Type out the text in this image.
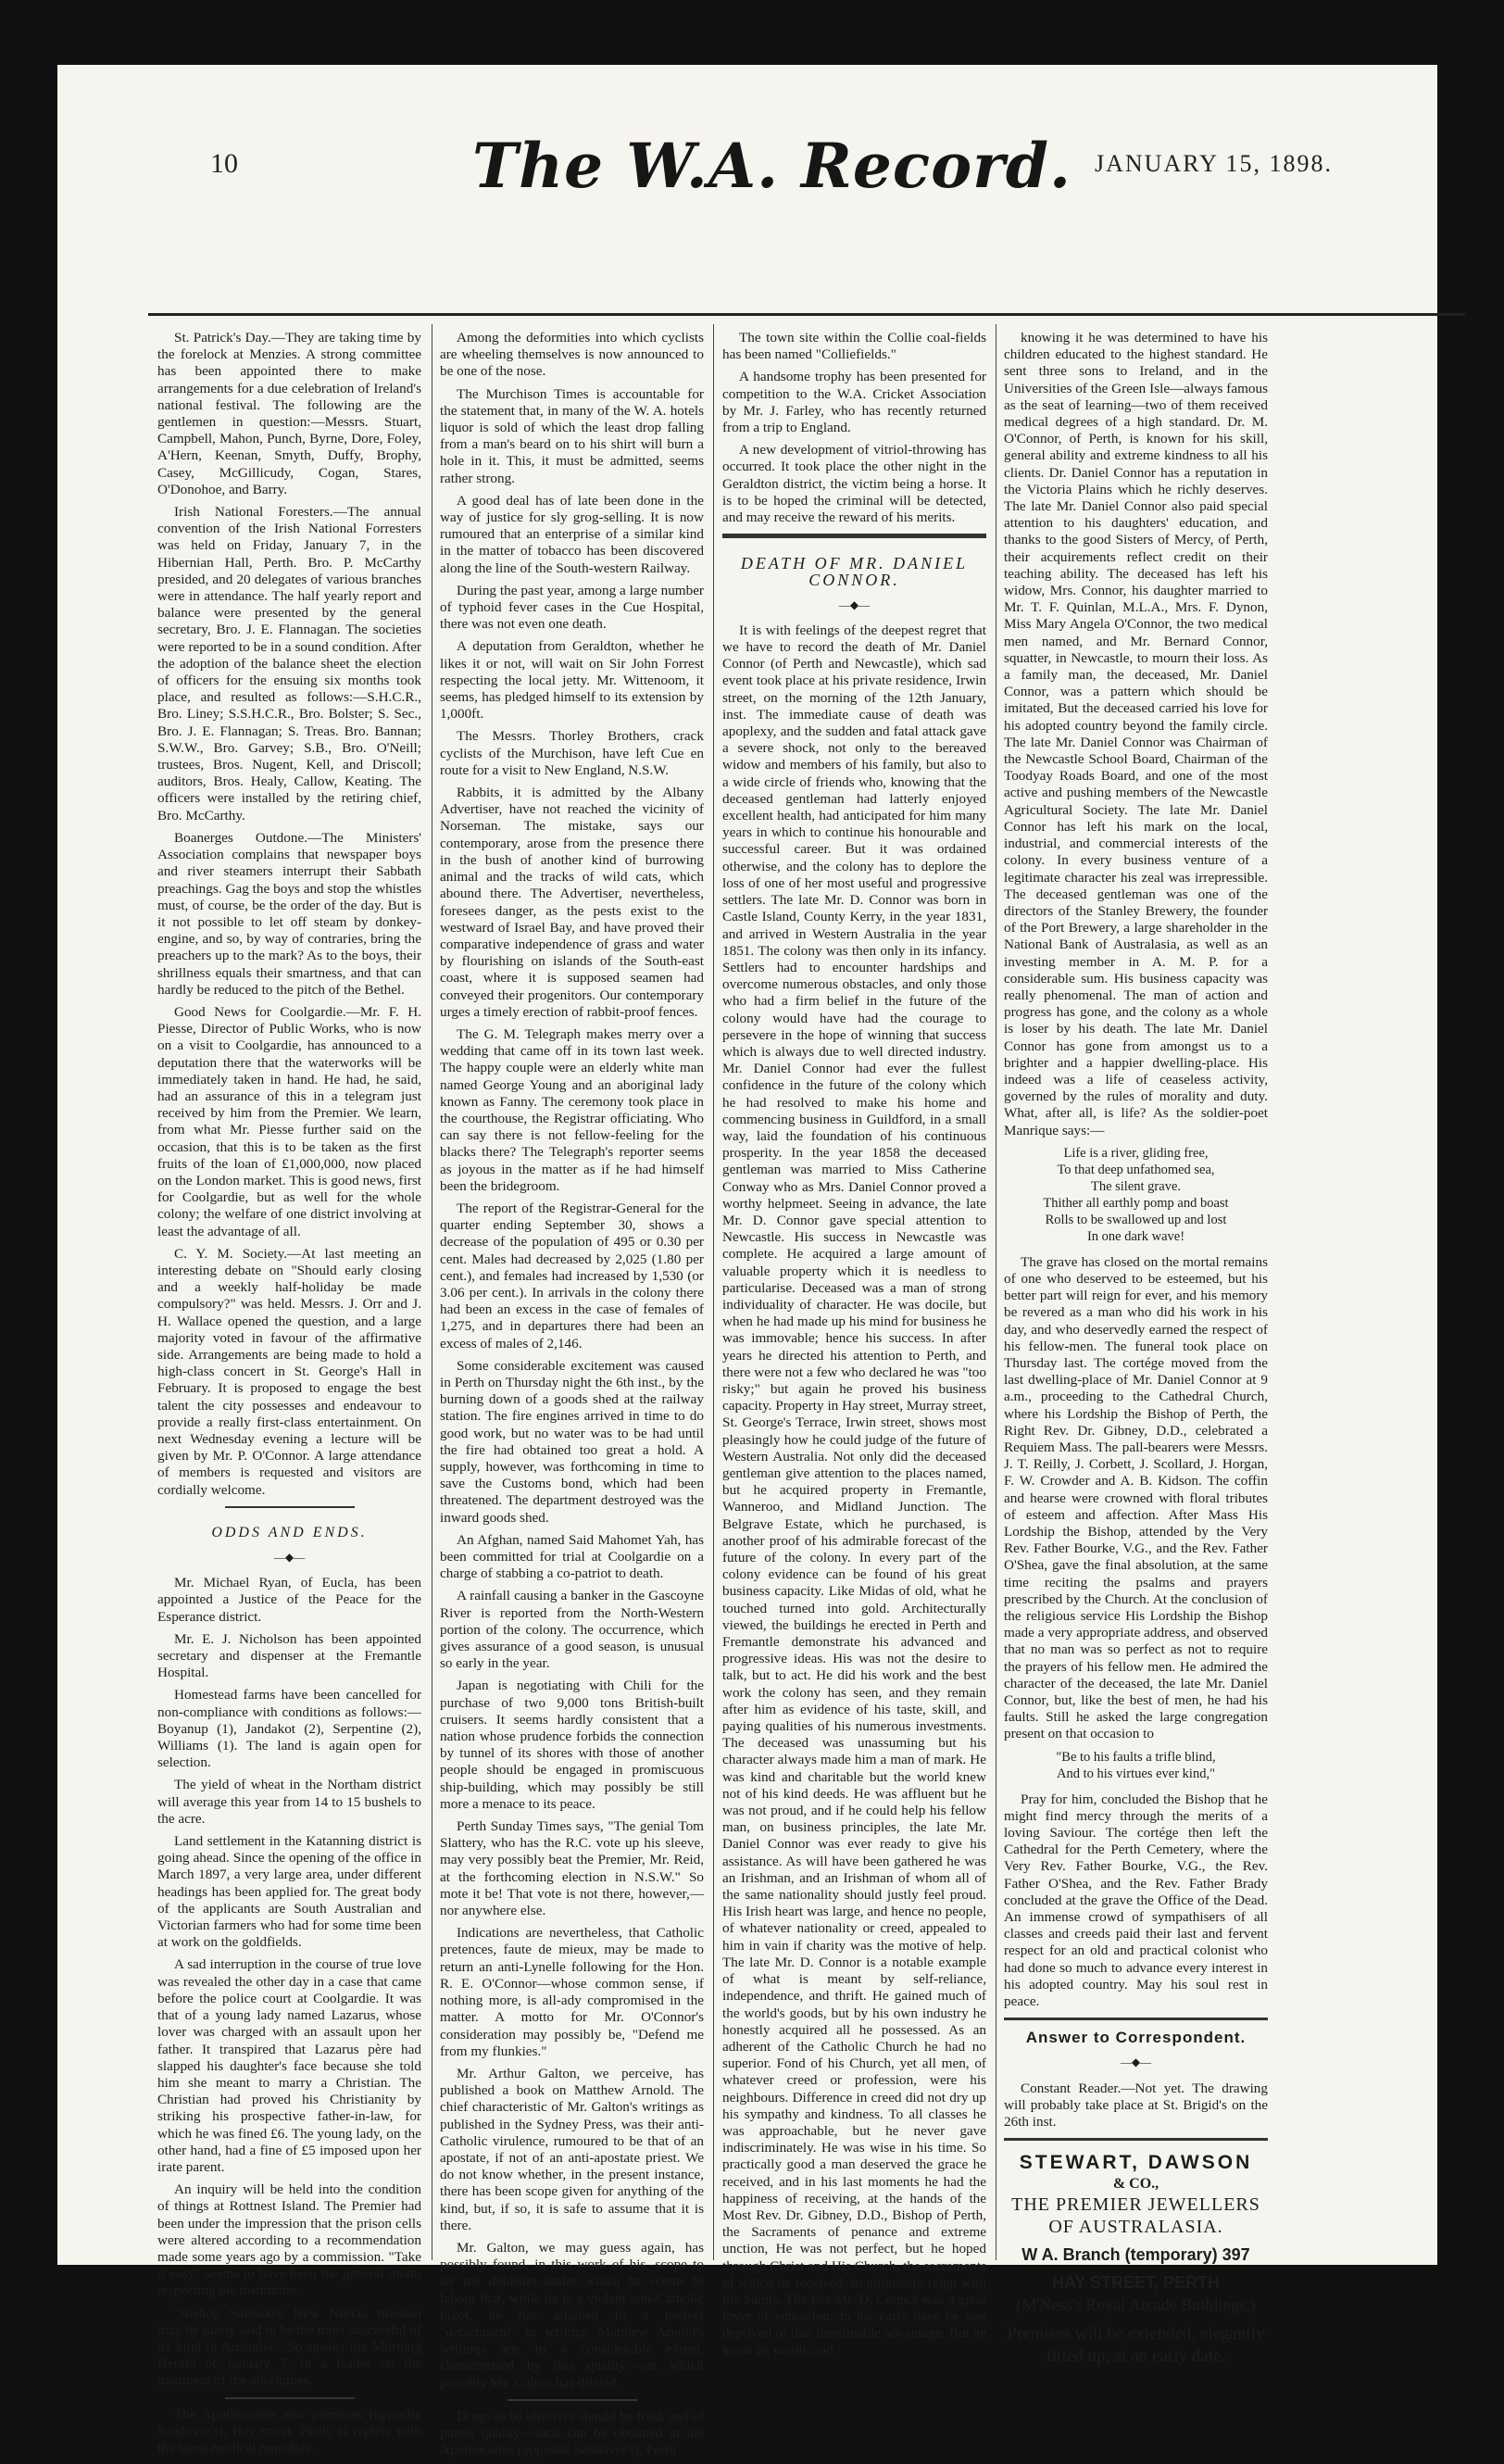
10	The W.A. Record. JANUARY 15, 1898.

St. Patrick's Day.—They are taking time by the forelock at Menzies. A strong committee has been appointed there to make arrangements for a due celebration of Ireland's national festival. The following are the gentlemen in question:—Messrs. Stuart, Campbell, Mahon, Punch, Byrne, Dore, Foley, A'Hern, Keenan, Smyth, Duffy, Brophy, Casey, McGillicudy, Cogan, Stares, O'Donohoe, and Barry.

Irish National Foresters.—The annual convention of the Irish National Forresters was held on Friday, January 7, in the Hibernian Hall, Perth. Bro. P. McCarthy presided, and 20 delegates of various branches were in attendance. The half yearly report and balance were presented by the general secretary, Bro. J. E. Flannagan. The societies were reported to be in a sound condition. After the adoption of the balance sheet the election of officers for the ensuing six months took place, and resulted as follows:—S.H.C.R., Bro. Liney; S.S.H.C.R., Bro. Bolster; S. Sec., Bro. J. E. Flannagan; S. Treas. Bro. Bannan; S.W.W., Bro. Garvey; S.B., Bro. O'Neill; trustees, Bros. Nugent, Kell, and Driscoll; auditors, Bros. Healy, Callow, Keating. The officers were installed by the retiring chief, Bro. McCarthy.

Boanerges Outdone.—The Ministers' Association complains that newspaper boys and river steamers interrupt their Sabbath preachings. Gag the boys and stop the whistles must, of course, be the order of the day. But is it not possible to let off steam by donkey-engine, and so, by way of contraries, bring the preachers up to the mark? As to the boys, their shrillness equals their smartness, and that can hardly be reduced to the pitch of the Bethel.

Good News for Coolgardie.—Mr. F. H. Piesse, Director of Public Works, who is now on a visit to Coolgardie, has announced to a deputation there that the waterworks will be immediately taken in hand. He had, he said, had an assurance of this in a telegram just received by him from the Premier. We learn, from what Mr. Piesse further said on the occasion, that this is to be taken as the first fruits of the loan of £1,000,000, now placed on the London market. This is good news, first for Coolgardie, but as well for the whole colony; the welfare of one district involving at least the advantage of all.

C. Y. M. Society.—At last meeting an interesting debate on "Should early closing and a weekly half-holiday be made compulsory?" was held. Messrs. J. Orr and J. H. Wallace opened the question, and a large majority voted in favour of the affirmative side. Arrangements are being made to hold a high-class concert in St. George's Hall in February. It is proposed to engage the best talent the city possesses and endeavour to provide a really first-class entertainment. On next Wednesday evening a lecture will be given by Mr. P. O'Connor. A large attendance of members is requested and visitors are cordially welcome.

ODDS AND ENDS.
—◆—

Mr. Michael Ryan, of Eucla, has been appointed a Justice of the Peace for the Esperance district.

Mr. E. J. Nicholson has been appointed secretary and dispenser at the Fremantle Hospital.

Homestead farms have been cancelled for non-compliance with conditions as follows:—Boyanup (1), Jandakot (2), Serpentine (2), Williams (1). The land is again open for selection.

The yield of wheat in the Northam district will average this year from 14 to 15 bushels to the acre.

Land settlement in the Katanning district is going ahead. Since the opening of the office in March 1897, a very large area, under different headings has been applied for. The great body of the applicants are South Australian and Victorian farmers who had for some time been at work on the goldfields.

A sad interruption in the course of true love was revealed the other day in a case that came before the police court at Coolgardie. It was that of a young lady named Lazarus, whose lover was charged with an assault upon her father. It transpired that Lazarus père had slapped his daughter's face because she told him she meant to marry a Christian. The Christian had proved his Christianity by striking his prospective father-in-law, for which he was fined £6. The young lady, on the other hand, had a fine of £5 imposed upon her irate parent.

An inquiry will be held into the condition of things at Rottnest Island. The Premier had been under the impression that the prison cells were altered according to a recommendation made some years ago by a commission. "Take it easy" seems to have been the general motto respecting the institution.

"Bishop Salvado's New Norcia mission may be safely said to be the most successful of its kind in Australia." So speaks the Morning Herald of January 7, in a leader on the treatment of the aborigines.

The Apothecaries new premises (opposite Sandover's), Hay street, Perth, is replete with the latest medical remedies.

Among the deformities into which cyclists are wheeling themselves is now announced to be one of the nose.

The Murchison Times is accountable for the statement that, in many of the W. A. hotels liquor is sold of which the least drop falling from a man's beard on to his shirt will burn a hole in it. This, it must be admitted, seems rather strong.

A good deal has of late been done in the way of justice for sly grog-selling. It is now rumoured that an enterprise of a similar kind in the matter of tobacco has been discovered along the line of the South-western Railway.

During the past year, among a large number of typhoid fever cases in the Cue Hospital, there was not even one death.

A deputation from Geraldton, whether he likes it or not, will wait on Sir John Forrest respecting the local jetty. Mr. Wittenoom, it seems, has pledged himself to its extension by 1,000ft.

The Messrs. Thorley Brothers, crack cyclists of the Murchison, have left Cue en route for a visit to New England, N.S.W.

Rabbits, it is admitted by the Albany Advertiser, have not reached the vicinity of Norseman. The mistake, says our contemporary, arose from the presence there in the bush of another kind of burrowing animal and the tracks of wild cats, which abound there. The Advertiser, nevertheless, foresees danger, as the pests exist to the westward of Israel Bay, and have proved their comparative independence of grass and water by flourishing on islands of the South-east coast, where it is supposed seamen had conveyed their progenitors. Our contemporary urges a timely erection of rabbit-proof fences.

The G. M. Telegraph makes merry over a wedding that came off in its town last week. The happy couple were an elderly white man named George Young and an aboriginal lady known as Fanny. The ceremony took place in the courthouse, the Registrar officiating. Who can say there is not fellow-feeling for the blacks there? The Telegraph's reporter seems as joyous in the matter as if he had himself been the bridegroom.

The report of the Registrar-General for the quarter ending September 30, shows a decrease of the population of 495 or 0.30 per cent. Males had decreased by 2,025 (1.80 per cent.), and females had increased by 1,530 (or 3.06 per cent.). In arrivals in the colony there had been an excess in the case of females of 1,275, and in departures there had been an excess of males of 2,146.

Some considerable excitement was caused in Perth on Thursday night the 6th inst., by the burning down of a goods shed at the railway station. The fire engines arrived in time to do good work, but no water was to be had until the fire had obtained too great a hold. A supply, however, was forthcoming in time to save the Customs bond, which had been threatened. The department destroyed was the inward goods shed.

An Afghan, named Said Mahomet Yah, has been committed for trial at Coolgardie on a charge of stabbing a co-patriot to death.

A rainfall causing a banker in the Gascoyne River is reported from the North-Western portion of the colony. The occurrence, which gives assurance of a good season, is unusual so early in the year.

Japan is negotiating with Chili for the purchase of two 9,000 tons British-built cruisers. It seems hardly consistent that a nation whose prudence forbids the connection by tunnel of its shores with those of another people should be engaged in promiscuous ship-building, which may possibly be still more a menace to its peace.

Perth Sunday Times says, "The genial Tom Slattery, who has the R.C. vote up his sleeve, may very possibly beat the Premier, Mr. Reid, at the forthcoming election in N.S.W." So mote it be! That vote is not there, however,—nor anywhere else.

Indications are nevertheless, that Catholic pretences, faute de mieux, may be made to return an anti-Lynelle following for the Hon. R. E. O'Connor—whose common sense, if nothing more, is all-ady compromised in the matter. A motto for Mr. O'Connor's consideration may possibly be, "Defend me from my flunkies."

Mr. Arthur Galton, we perceive, has published a book on Matthew Arnold. The chief characteristic of Mr. Galton's writings as published in the Sydney Press, was their anti-Catholic virulence, rumoured to be that of an apostate, if not of an anti-apostate priest. We do not know whether, in the present instance, there has been scope given for anything of the kind, but, if so, it is safe to assume that it is there.

Mr. Galton, we may guess again, has possibly found, in this work of his, scope to air the delusion under which he seems to labour that, while he is a violent anti-Catholic bigot, he has attained to a perfect "detachment" in writing. Matthew Arnold's writings are, to a considerable extent, characterised by this quality,—on which possibly Mr. Galton has dilated.

Drugs to be effective should be fresh and of purest quality—such can be obtained at the Apothecaries (opposite Sandover's), Perth.

The town site within the Collie coal-fields has been named "Colliefields."

A handsome trophy has been presented for competition to the W.A. Cricket Association by Mr. J. Farley, who has recently returned from a trip to England.

A new development of vitriol-throwing has occurred. It took place the other night in the Geraldton district, the victim being a horse. It is to be hoped the criminal will be detected, and may receive the reward of his merits.

DEATH OF MR. DANIEL CONNOR.
—◆—

It is with feelings of the deepest regret that we have to record the death of Mr. Daniel Connor (of Perth and Newcastle), which sad event took place at his private residence, Irwin street, on the morning of the 12th January, inst. The immediate cause of death was apoplexy, and the sudden and fatal attack gave a severe shock, not only to the bereaved widow and members of his family, but also to a wide circle of friends who, knowing that the deceased gentleman had latterly enjoyed excellent health, had anticipated for him many years in which to continue his honourable and successful career. But it was ordained otherwise, and the colony has to deplore the loss of one of her most useful and progressive settlers. The late Mr. D. Connor was born in Castle Island, County Kerry, in the year 1831, and arrived in Western Australia in the year 1851. The colony was then only in its infancy. Settlers had to encounter hardships and overcome numerous obstacles, and only those who had a firm belief in the future of the colony would have had the courage to persevere in the hope of winning that success which is always due to well directed industry. Mr. Daniel Connor had ever the fullest confidence in the future of the colony which he had resolved to make his home and commencing business in Guildford, in a small way, laid the foundation of his continuous prosperity. In the year 1858 the deceased gentleman was married to Miss Catherine Conway who as Mrs. Daniel Connor proved a worthy helpmeet. Seeing in advance, the late Mr. D. Connor gave special attention to Newcastle. His success in Newcastle was complete. He acquired a large amount of valuable property which it is needless to particularise. Deceased was a man of strong individuality of character. He was docile, but when he had made up his mind for business he was immovable; hence his success. In after years he directed his attention to Perth, and there were not a few who declared he was "too risky;" but again he proved his business capacity. Property in Hay street, Murray street, St. George's Terrace, Irwin street, shows most pleasingly how he could judge of the future of Western Australia. Not only did the deceased gentleman give attention to the places named, but he acquired property in Fremantle, Wanneroo, and Midland Junction. The Belgrave Estate, which he purchased, is another proof of his admirable forecast of the future of the colony. In every part of the colony evidence can be found of his great business capacity. Like Midas of old, what he touched turned into gold. Architecturally viewed, the buildings he erected in Perth and Fremantle demonstrate his advanced and progressive ideas. His was not the desire to talk, but to act. He did his work and the best work the colony has seen, and they remain after him as evidence of his taste, skill, and paying qualities of his numerous investments. The deceased was unassuming but his character always made him a man of mark. He was kind and charitable but the world knew not of his kind deeds. He was affluent but he was not proud, and if he could help his fellow man, on business principles, the late Mr. Daniel Connor was ever ready to give his assistance. As will have been gathered he was an Irishman, and an Irishman of whom all of the same nationality should justly feel proud. His Irish heart was large, and hence no people, of whatever nationality or creed, appealed to him in vain if charity was the motive of help. The late Mr. D. Connor is a notable example of what is meant by self-reliance, independence, and thrift. He gained much of the world's goods, but by his own industry he honestly acquired all he possessed. As an adherent of the Catholic Church he had no superior. Fond of his Church, yet all men, of whatever creed or profession, were his neighbours. Difference in creed did not dry up his sympathy and kindness. To all classes he was approachable, but he never gave indiscriminately. He was wise in his time. So practically good a man deserved the grace he received, and in his last moments he had the happiness of receiving, at the hands of the Most Rev. Dr. Gibney, D.D., Bishop of Perth, the Sacraments of penance and extreme unction, He was not perfect, but he hoped through Christ and His Church, the sacraments of which he received, to ultimately reign with the Saints. The late Mr. D. Connor was a great lover of education. In his early days he was deprived of that inestimable advantage. But he knew its worth, and

knowing it he was determined to have his children educated to the highest standard. He sent three sons to Ireland, and in the Universities of the Green Isle—always famous as the seat of learning—two of them received medical degrees of a high standard. Dr. M. O'Connor, of Perth, is known for his skill, general ability and extreme kindness to all his clients. Dr. Daniel Connor has a reputation in the Victoria Plains which he richly deserves. The late Mr. Daniel Connor also paid special attention to his daughters' education, and thanks to the good Sisters of Mercy, of Perth, their acquirements reflect credit on their teaching ability. The deceased has left his widow, Mrs. Connor, his daughter married to Mr. T. F. Quinlan, M.L.A., Mrs. F. Dynon, Miss Mary Angela O'Connor, the two medical men named, and Mr. Bernard Connor, squatter, in Newcastle, to mourn their loss. As a family man, the deceased, Mr. Daniel Connor, was a pattern which should be imitated, But the deceased carried his love for his adopted country beyond the family circle. The late Mr. Daniel Connor was Chairman of the Newcastle School Board, Chairman of the Toodyay Roads Board, and one of the most active and pushing members of the Newcastle Agricultural Society. The late Mr. Daniel Connor has left his mark on the local, industrial, and commercial interests of the colony. In every business venture of a legitimate character his zeal was irrepressible. The deceased gentleman was one of the directors of the Stanley Brewery, the founder of the Port Brewery, a large shareholder in the National Bank of Australasia, as well as an investing member in A. M. P. for a considerable sum. His business capacity was really phenomenal. The man of action and progress has gone, and the colony as a whole is loser by his death. The late Mr. Daniel Connor has gone from amongst us to a brighter and a happier dwelling-place. His indeed was a life of ceaseless activity, governed by the rules of morality and duty. What, after all, is life? As the soldier-poet Manrique says:—

Life is a river, gliding free,
To that deep unfathomed sea,
The silent grave.
Thither all earthly pomp and boast
Rolls to be swallowed up and lost
In one dark wave!

The grave has closed on the mortal remains of one who deserved to be esteemed, but his better part will reign for ever, and his memory be revered as a man who did his work in his day, and who deservedly earned the respect of his fellow-men. The funeral took place on Thursday last. The cortége moved from the last dwelling-place of Mr. Daniel Connor at 9 a.m., proceeding to the Cathedral Church, where his Lordship the Bishop of Perth, the Right Rev. Dr. Gibney, D.D., celebrated a Requiem Mass. The pall-bearers were Messrs. J. T. Reilly, J. Corbett, J. Scollard, J. Horgan, F. W. Crowder and A. B. Kidson. The coffin and hearse were crowned with floral tributes of esteem and affection. After Mass His Lordship the Bishop, attended by the Very Rev. Father Bourke, V.G., and the Rev. Father O'Shea, gave the final absolution, at the same time reciting the psalms and prayers prescribed by the Church. At the conclusion of the religious service His Lordship the Bishop made a very appropriate address, and observed that no man was so perfect as not to require the prayers of his fellow men. He admired the character of the deceased, the late Mr. Daniel Connor, but, like the best of men, he had his faults. Still he asked the large congregation present on that occasion to

"Be to his faults a trifle blind,
And to his virtues ever kind,"

Pray for him, concluded the Bishop that he might find mercy through the merits of a loving Saviour. The cortége then left the Cathedral for the Perth Cemetery, where the Very Rev. Father Bourke, V.G., the Rev. Father O'Shea, and the Rev. Father Brady concluded at the grave the Office of the Dead. An immense crowd of sympathisers of all classes and creeds paid their last and fervent respect for an old and practical colonist who had done so much to advance every interest in his adopted country. May his soul rest in peace.

Answer to Correspondent.
—◆—

Constant Reader.—Not yet. The drawing will probably take place at St. Brigid's on the 26th inst.

STEWART, DAWSON
& CO.,
THE PREMIER JEWELLERS
OF AUSTRALASIA.
W A. Branch (temporary) 397
HAY STREET, PERTH
(M'Ness's Royal Arcade Buildings.)
Premises will be extended, elegantly fitted up, at an early date.
